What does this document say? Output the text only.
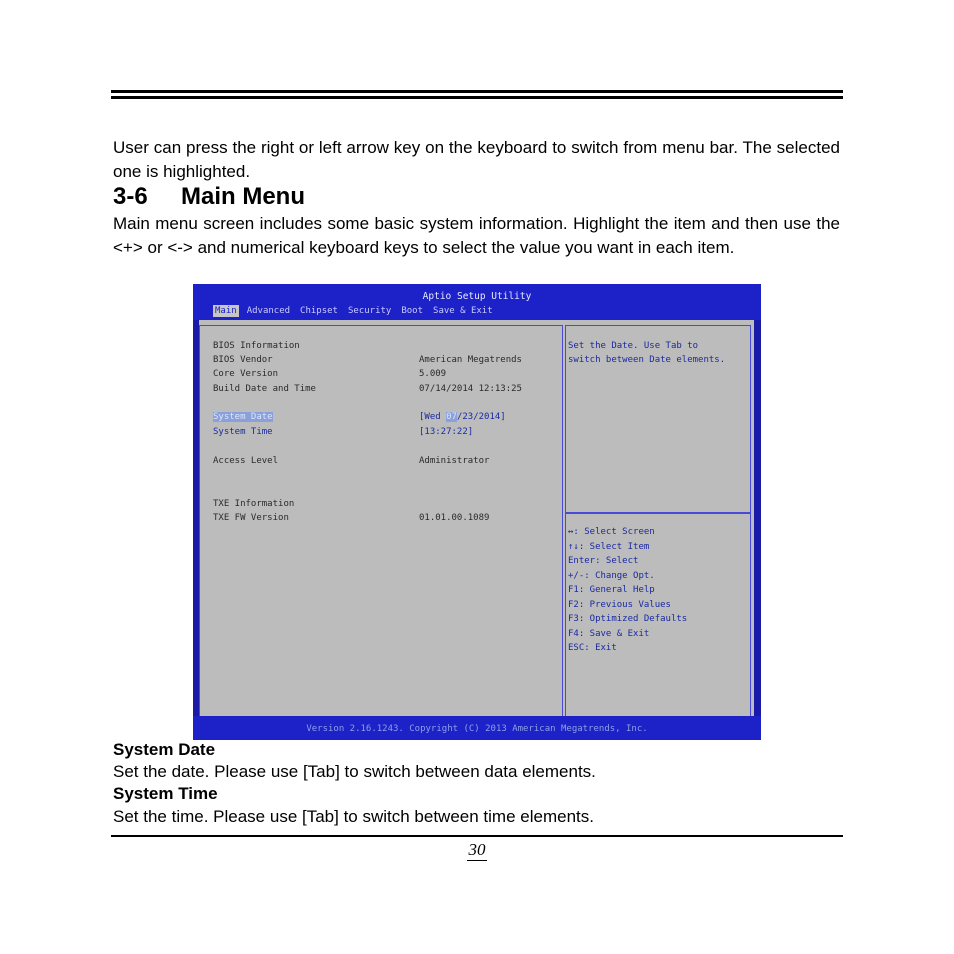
User can press the right or left arrow key on the keyboard to switch from menu bar. The selected one is highlighted.
3-6 Main Menu
Main menu screen includes some basic system information. Highlight the item and then use the <+> or <-> and numerical keyboard keys to select the value you want in each item.
Aptio Setup Utility
Main Advanced Chipset Security Boot Save & Exit
BIOS Information
BIOS Vendor	American Megatrends
Core Version	5.009
Build Date and Time	07/14/2014 12:13:25
System Date	[Wed 07/23/2014]
System Time	[13:27:22]
Access Level	Administrator
TXE Information
TXE FW Version	01.01.00.1089
Set the Date. Use Tab to
switch between Date elements.
↔: Select Screen
↑↓: Select Item
Enter: Select
+/-: Change Opt.
F1: General Help
F2: Previous Values
F3: Optimized Defaults
F4: Save & Exit
ESC: Exit
Version 2.16.1243. Copyright (C) 2013 American Megatrends, Inc.
System Date
Set the date. Please use [Tab] to switch between data elements.
System Time
Set the time. Please use [Tab] to switch between time elements.
30
